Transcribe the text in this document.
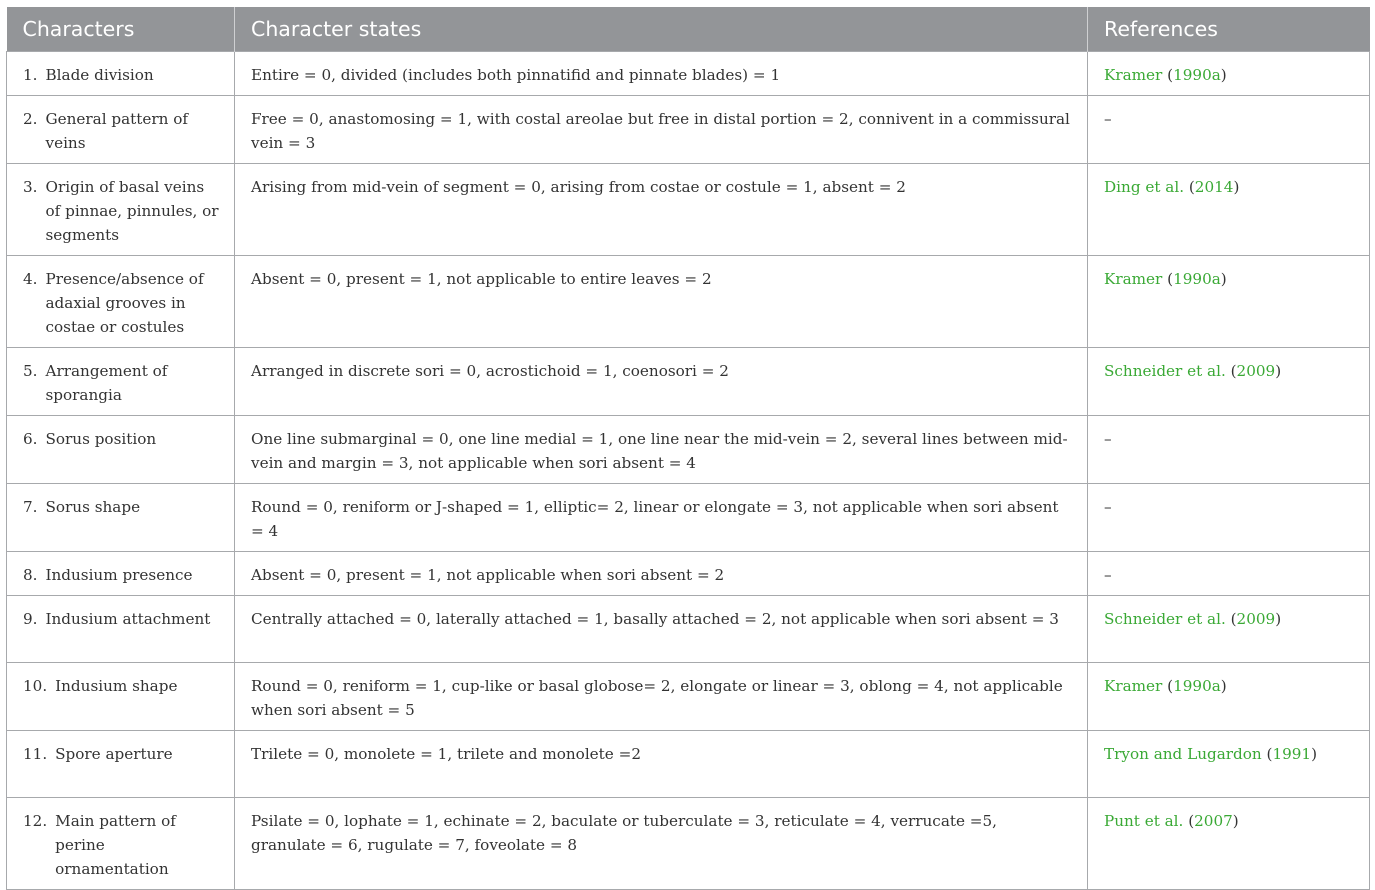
Characters	Character states	References

1. Blade division	Entire = 0, divided (includes both pinnatifid and pinnate blades) = 1	Kramer (1990a)

2. General pattern of veins	Free = 0, anastomosing = 1, with costal areolae but free in distal portion = 2, connivent in a commissural vein = 3	–

3. Origin of basal veins of pinnae, pinnules, or segments	Arising from mid-vein of segment = 0, arising from costae or costule = 1, absent = 2	Ding et al. (2014)

4. Presence/absence of adaxial grooves in costae or costules	Absent = 0, present = 1, not applicable to entire leaves = 2	Kramer (1990a)

5. Arrangement of sporangia	Arranged in discrete sori = 0, acrostichoid = 1, coenosori = 2	Schneider et al. (2009)

6. Sorus position	One line submarginal = 0, one line medial = 1, one line near the mid-vein = 2, several lines between mid-vein and margin = 3, not applicable when sori absent = 4	–

7. Sorus shape	Round = 0, reniform or J-shaped = 1, elliptic= 2, linear or elongate = 3, not applicable when sori absent = 4	–

8. Indusium presence	Absent = 0, present = 1, not applicable when sori absent = 2	–

9. Indusium attachment	Centrally attached = 0, laterally attached = 1, basally attached = 2, not applicable when sori absent = 3	Schneider et al. (2009)

10. Indusium shape	Round = 0, reniform = 1, cup-like or basal globose= 2, elongate or linear = 3, oblong = 4, not applicable when sori absent = 5	Kramer (1990a)

11. Spore aperture	Trilete = 0, monolete = 1, trilete and monolete =2	Tryon and Lugardon (1991)

12. Main pattern of perine ornamentation	Psilate = 0, lophate = 1, echinate = 2, baculate or tuberculate = 3, reticulate = 4, verrucate =5, granulate = 6, rugulate = 7, foveolate = 8	Punt et al. (2007)
